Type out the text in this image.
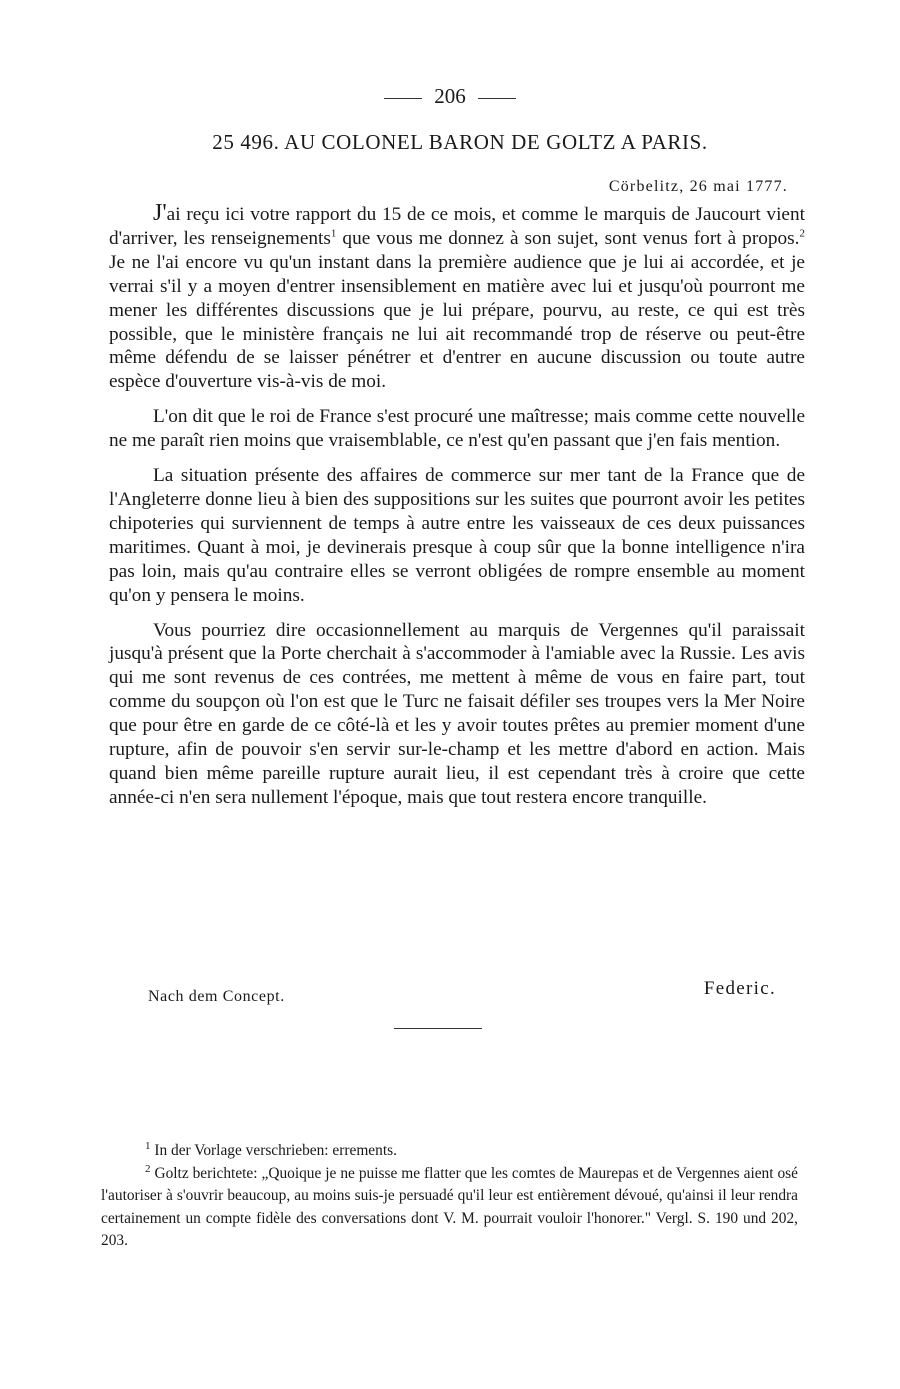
206
25 496. AU COLONEL BARON DE GOLTZ A PARIS.
Cörbelitz, 26 mai 1777.

J'ai reçu ici votre rapport du 15 de ce mois, et comme le marquis de Jaucourt vient d'arriver, les renseignements$^1$ que vous me donnez à son sujet, sont venus fort à propos.$^2$ Je ne l'ai encore vu qu'un instant dans la première audience que je lui ai accordée, et je verrai s'il y a moyen d'entrer insensiblement en matière avec lui et jusqu'où pourront me mener les différentes discussions que je lui prépare, pourvu, au reste, ce qui est très possible, que le ministère français ne lui ait recommandé trop de réserve ou peut-être même défendu de se laisser pénétrer et d'entrer en aucune discussion ou toute autre espèce d'ouverture vis-à-vis de moi.

L'on dit que le roi de France s'est procuré une maîtresse; mais comme cette nouvelle ne me paraît rien moins que vraisemblable, ce n'est qu'en passant que j'en fais mention.

La situation présente des affaires de commerce sur mer tant de la France que de l'Angleterre donne lieu à bien des suppositions sur les suites que pourront avoir les petites chipoteries qui surviennent de temps à autre entre les vaisseaux de ces deux puissances maritimes. Quant à moi, je devinerais presque à coup sûr que la bonne intelligence n'ira pas loin, mais qu'au contraire elles se verront obligées de rompre ensemble au moment qu'on y pensera le moins.

Vous pourriez dire occasionnellement au marquis de Vergennes qu'il paraissait jusqu'à présent que la Porte cherchait à s'accommoder à l'amiable avec la Russie. Les avis qui me sont revenus de ces contrées, me mettent à même de vous en faire part, tout comme du soupçon où l'on est que le Turc ne faisait défiler ses troupes vers la Mer Noire que pour être en garde de ce côté-là et les y avoir toutes prêtes au premier moment d'une rupture, afin de pouvoir s'en servir sur-le-champ et les mettre d'abord en action. Mais quand bien même pareille rupture aurait lieu, il est cependant très à croire que cette année-ci n'en sera nullement l'époque, mais que tout restera encore tranquille.

Nach dem Concept.	Federic.

$^1$ In der Vorlage verschrieben: errements.

$^2$ Goltz berichtete: „Quoique je ne puisse me flatter que les comtes de Maurepas et de Vergennes aient osé l'autoriser à s'ouvrir beaucoup, au moins suis-je persuadé qu'il leur est entièrement dévoué, qu'ainsi il leur rendra certainement un compte fidèle des conversations dont V. M. pourrait vouloir l'honorer." Vergl. S. 190 und 202, 203.
